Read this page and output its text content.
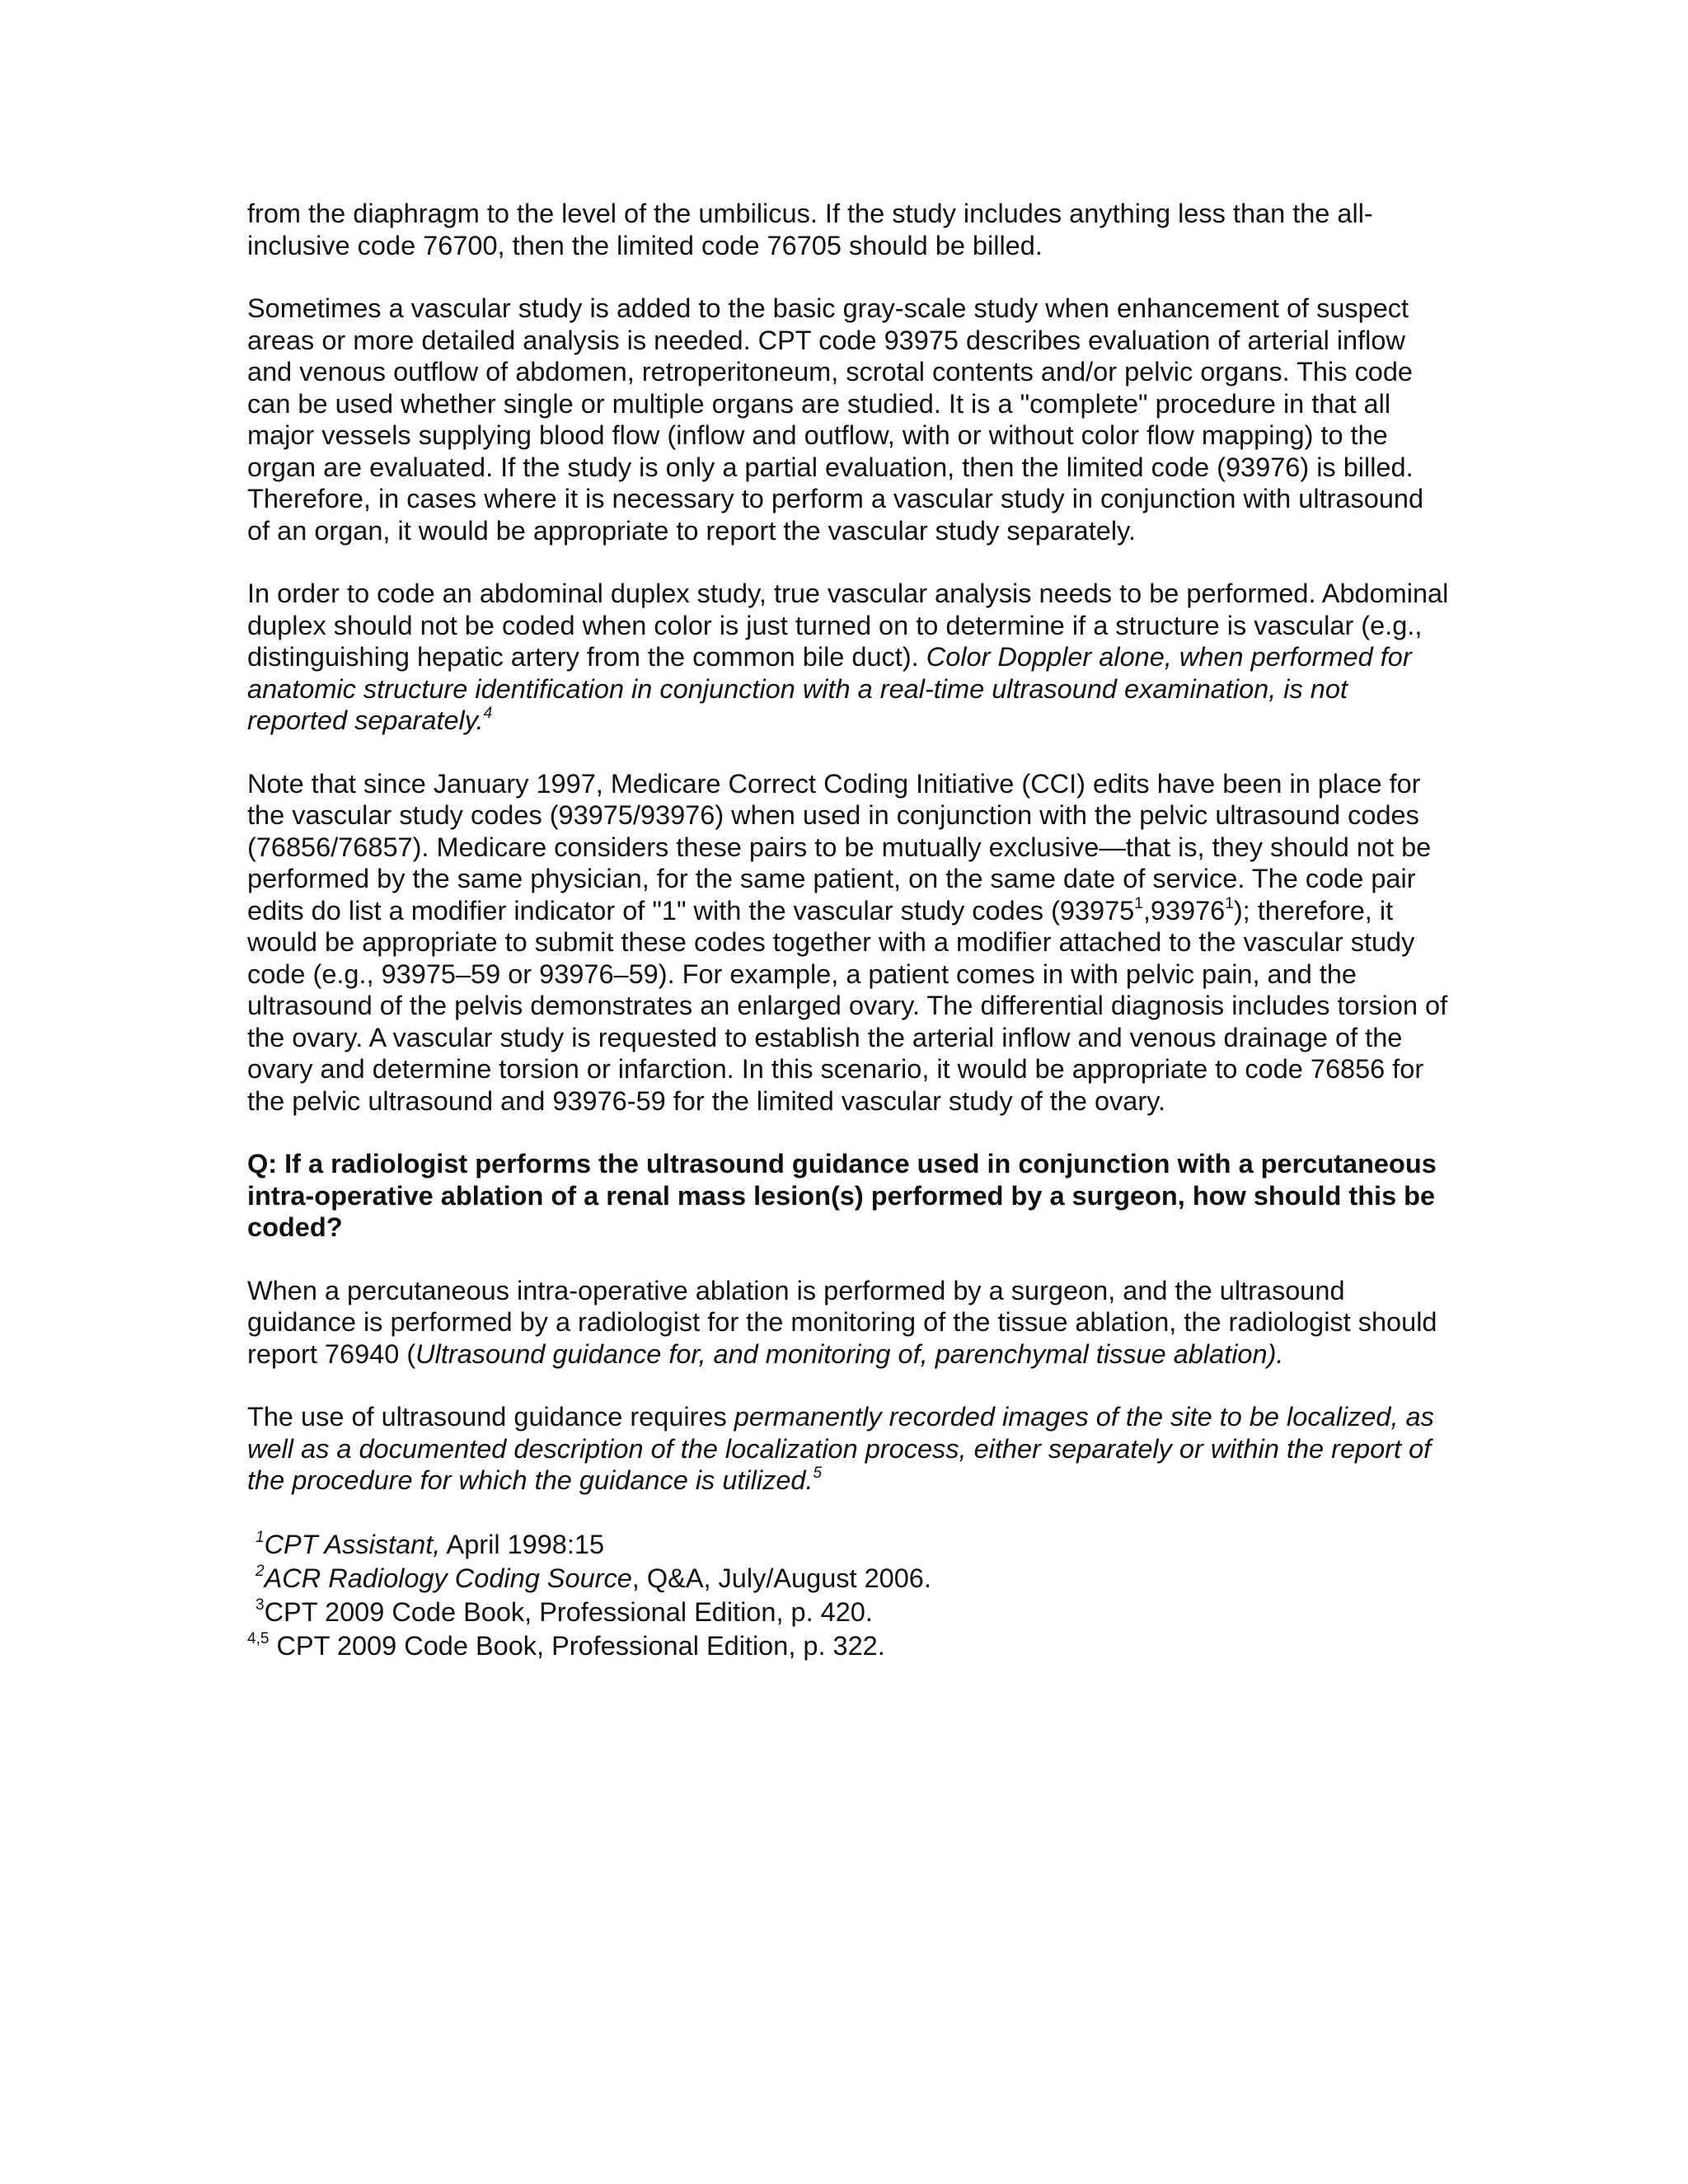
from the diaphragm to the level of the umbilicus. If the study includes anything less than the all-inclusive code 76700, then the limited code 76705 should be billed.

Sometimes a vascular study is added to the basic gray-scale study when enhancement of suspect areas or more detailed analysis is needed. CPT code 93975 describes evaluation of arterial inflow and venous outflow of abdomen, retroperitoneum, scrotal contents and/or pelvic organs. This code can be used whether single or multiple organs are studied. It is a "complete" procedure in that all major vessels supplying blood flow (inflow and outflow, with or without color flow mapping) to the organ are evaluated. If the study is only a partial evaluation, then the limited code (93976) is billed. Therefore, in cases where it is necessary to perform a vascular study in conjunction with ultrasound of an organ, it would be appropriate to report the vascular study separately.

In order to code an abdominal duplex study, true vascular analysis needs to be performed. Abdominal duplex should not be coded when color is just turned on to determine if a structure is vascular (e.g., distinguishing hepatic artery from the common bile duct). Color Doppler alone, when performed for anatomic structure identification in conjunction with a real-time ultrasound examination, is not reported separately.$^4$

Note that since January 1997, Medicare Correct Coding Initiative (CCI) edits have been in place for the vascular study codes (93975/93976) when used in conjunction with the pelvic ultrasound codes (76856/76857). Medicare considers these pairs to be mutually exclusive—that is, they should not be performed by the same physician, for the same patient, on the same date of service. The code pair edits do list a modifier indicator of "1" with the vascular study codes (93975$^1$,93976$^1$); therefore, it would be appropriate to submit these codes together with a modifier attached to the vascular study code (e.g., 93975–59 or 93976–59). For example, a patient comes in with pelvic pain, and the ultrasound of the pelvis demonstrates an enlarged ovary. The differential diagnosis includes torsion of the ovary. A vascular study is requested to establish the arterial inflow and venous drainage of the ovary and determine torsion or infarction. In this scenario, it would be appropriate to code 76856 for the pelvic ultrasound and 93976-59 for the limited vascular study of the ovary.

Q: If a radiologist performs the ultrasound guidance used in conjunction with a percutaneous intra-operative ablation of a renal mass lesion(s) performed by a surgeon, how should this be coded?

When a percutaneous intra-operative ablation is performed by a surgeon, and the ultrasound guidance is performed by a radiologist for the monitoring of the tissue ablation, the radiologist should report 76940 (Ultrasound guidance for, and monitoring of, parenchymal tissue ablation).

The use of ultrasound guidance requires permanently recorded images of the site to be localized, as well as a documented description of the localization process, either separately or within the report of the procedure for which the guidance is utilized.$^5$

$^1$CPT Assistant, April 1998:15
$^2$ACR Radiology Coding Source, Q&A, July/August 2006.
$^3$CPT 2009 Code Book, Professional Edition, p. 420.
$^{4,5}$ CPT 2009 Code Book, Professional Edition, p. 322.
